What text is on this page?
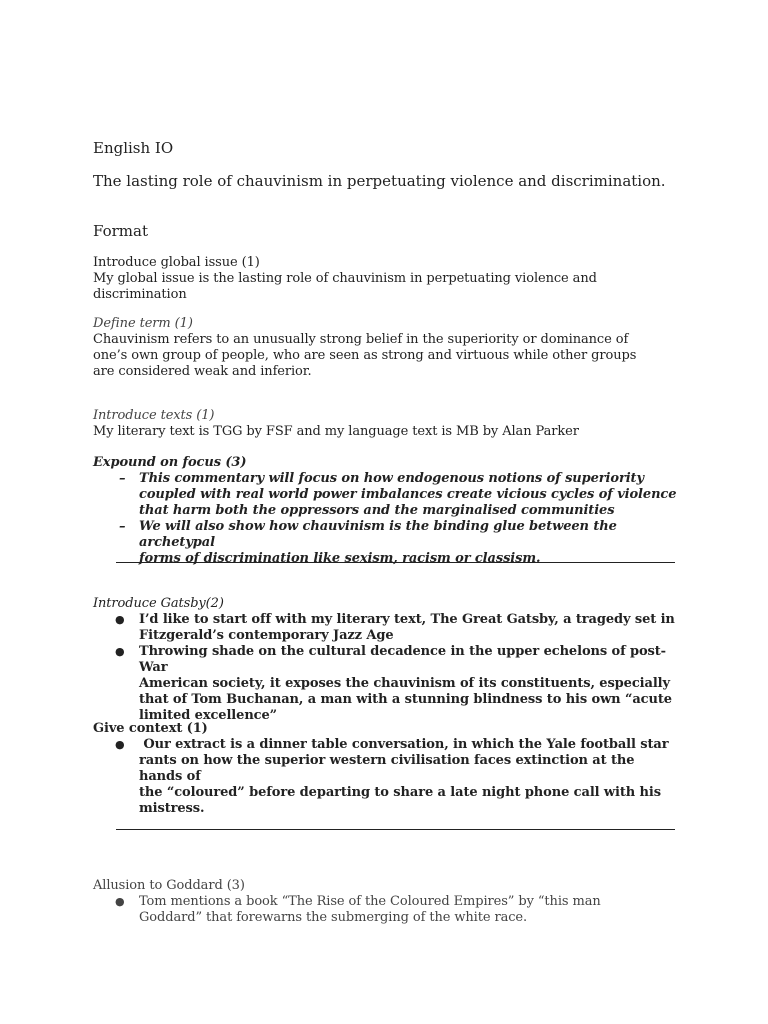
English IO

The lasting role of chauvinism in perpetuating violence and discrimination.

Format

Introduce global issue (1)

My global issue is the lasting role of chauvinism in perpetuating violence and

discrimination

Define term (1)

Chauvinism refers to an unusually strong belief in the superiority or dominance of

one’s own group of people, who are seen as strong and virtuous while other groups

are considered weak and inferior.

Introduce texts (1)

My literary text is TGG by FSF and my language text is MB by Alan Parker

Expound on focus (3)

– This commentary will focus on how endogenous notions of superiority
coupled with real world power imbalances create vicious cycles of violence
that harm both the oppressors and the marginalised communities
– We will also show how chauvinism is the binding glue between the archetypal
forms of discrimination like sexism, racism or classism.

Introduce Gatsby(2)

● I’d like to start off with my literary text, The Great Gatsby, a tragedy set in
Fitzgerald’s contemporary Jazz Age
● Throwing shade on the cultural decadence in the upper echelons of post-War
American society, it exposes the chauvinism of its constituents, especially
that of Tom Buchanan, a man with a stunning blindness to his own “acute
limited excellence”

Give context (1)

● Our extract is a dinner table conversation, in which the Yale football star
rants on how the superior western civilisation faces extinction at the hands of
the “coloured” before departing to share a late night phone call with his
mistress.

Allusion to Goddard (3)

● Tom mentions a book “The Rise of the Coloured Empires” by “this man
Goddard” that forewarns the submerging of the white race.
